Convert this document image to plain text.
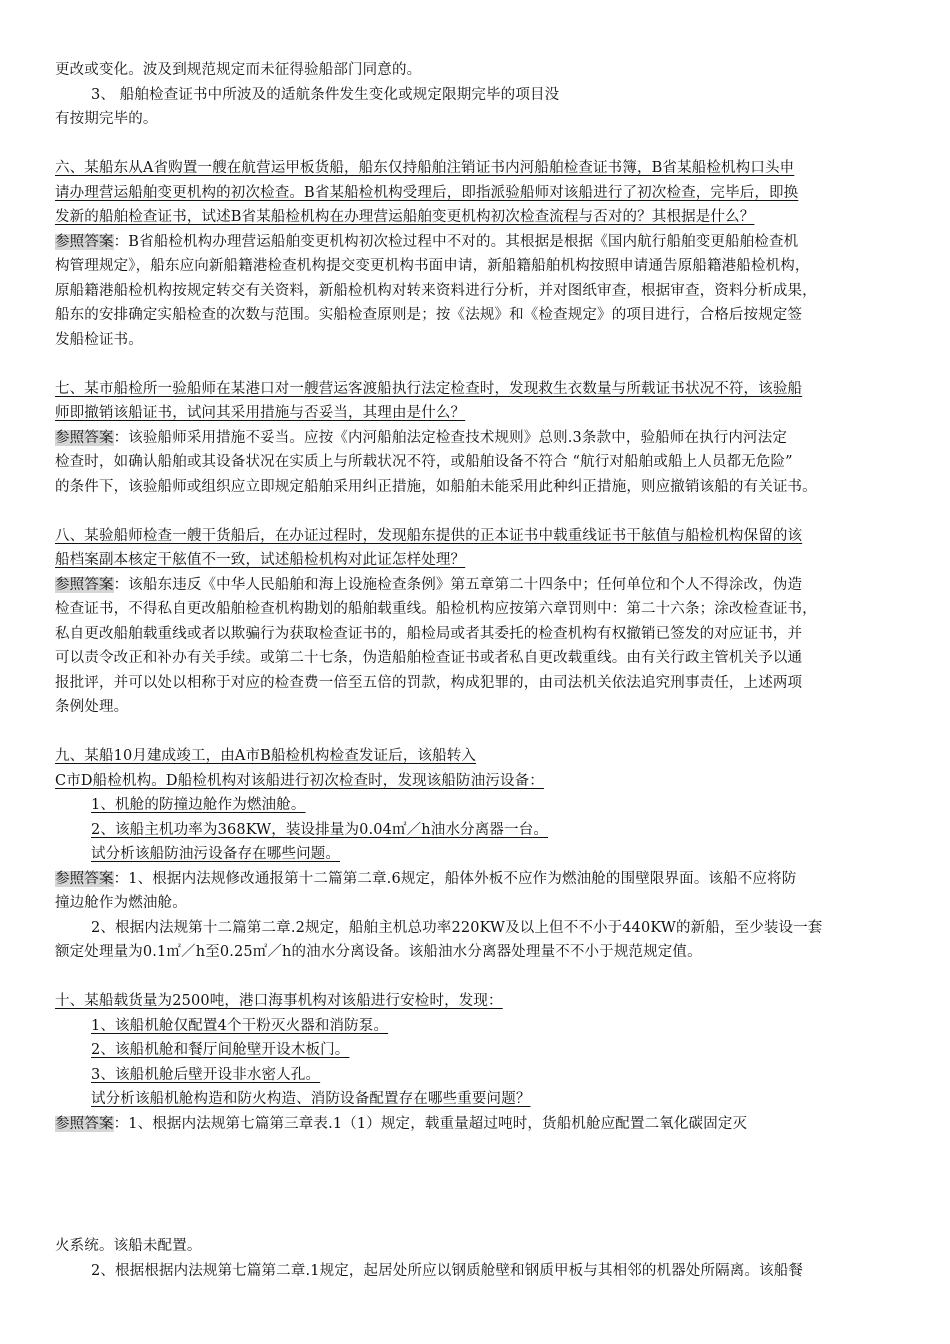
更改或变化。波及到规范规定而未征得验船部门同意的。
3、 船舶检查证书中所波及的适航条件发生变化或规定限期完毕的项目没
有按期完毕的。
六、某船东从A省购置一艘在航营运甲板货船，船东仅持船舶注销证书内河船舶检查证书簿，B省某船检机构口头申
请办理营运船舶变更机构的初次检查。B省某船检机构受理后，即指派验船师对该船进行了初次检查，完毕后，即换
发新的船舶检查证书，试述B省某船检机构在办理营运船舶变更机构初次检查流程与否对的？其根据是什么？
参照答案：B省船检机构办理营运船舶变更机构初次检过程中不对的。其根据是根据《国内航行船舶变更船舶检查机
构管理规定》，船东应向新船籍港检查机构提交变更机构书面申请，新船籍船舶机构按照申请通告原船籍港船检机构，
原船籍港船检机构按规定转交有关资料，新船检机构对转来资料进行分析，并对图纸审查，根据审查，资料分析成果，
船东的安排确定实船检查的次数与范围。实船检查原则是；按《法规》和《检查规定》的项目进行，合格后按规定签
发船检证书。
七、某市船检所一验船师在某港口对一艘营运客渡船执行法定检查时，发现救生衣数量与所载证书状况不符，该验船
师即撤销该船证书，试问其采用措施与否妥当，其理由是什么？
参照答案：该验船师采用措施不妥当。应按《内河船舶法定检查技术规则》总则.3条款中，验船师在执行内河法定
检查时，如确认船舶或其设备状况在实质上与所载状况不符，或船舶设备不符合 “航行对船舶或船上人员都无危险”
的条件下，该验船师或组织应立即规定船舶采用纠正措施，如船舶未能采用此种纠正措施，则应撤销该船的有关证书。
八、某验船师检查一艘干货船后，在办证过程时，发现船东提供的正本证书中载重线证书干舷值与船检机构保留的该
船档案副本核定干舷值不一致，试述船检机构对此证怎样处理？
参照答案：该船东违反《中华人民船舶和海上设施检查条例》第五章第二十四条中；任何单位和个人不得涂改，伪造
检查证书，不得私自更改船舶检查机构勘划的船舶载重线。船检机构应按第六章罚则中：第二十六条；涂改检查证书，
私自更改船舶载重线或者以欺骗行为获取检查证书的，船检局或者其委托的检查机构有权撤销已签发的对应证书，并
可以责令改正和补办有关手续。或第二十七条，伪造船舶检查证书或者私自更改载重线。由有关行政主管机关予以通
报批评，并可以处以相称于对应的检查费一倍至五倍的罚款，构成犯罪的，由司法机关依法追究刑事责任，上述两项
条例处理。
九、某船10月建成竣工，由A市B船检机构检查发证后，该船转入
C市D船检机构。D船检机构对该船进行初次检查时，发现该船防油污设备：
1、机舱的防撞边舱作为燃油舱。
2、该船主机功率为368KW，装设排量为0.04㎡／h油水分离器一台。
试分析该船防油污设备存在哪些问题。
参照答案：1、根据内法规修改通报第十二篇第二章.6规定，船体外板不应作为燃油舱的围壁限界面。该船不应将防
撞边舱作为燃油舱。
2、根据内法规第十二篇第二章.2规定，船舶主机总功率220KW及以上但不不小于440KW的新船，至少装设一套
额定处理量为0.1㎡／h至0.25㎡／h的油水分离设备。该船油水分离器处理量不不小于规范规定值。
十、某船载货量为2500吨，港口海事机构对该船进行安检时，发现：
1、该船机舱仅配置4个干粉灭火器和消防泵。
2、该船机舱和餐厅间舱壁开设木板门。
3、该船机舱后壁开设非水密人孔。
试分析该船机舱构造和防火构造、消防设备配置存在哪些重要问题？
参照答案：1、根据内法规第七篇第三章表.1（1）规定，载重量超过吨时，货船机舱应配置二氧化碳固定灭
火系统。该船未配置。
2、根据根据内法规第七篇第二章.1规定，起居处所应以钢质舱壁和钢质甲板与其相邻的机器处所隔离。该船餐
